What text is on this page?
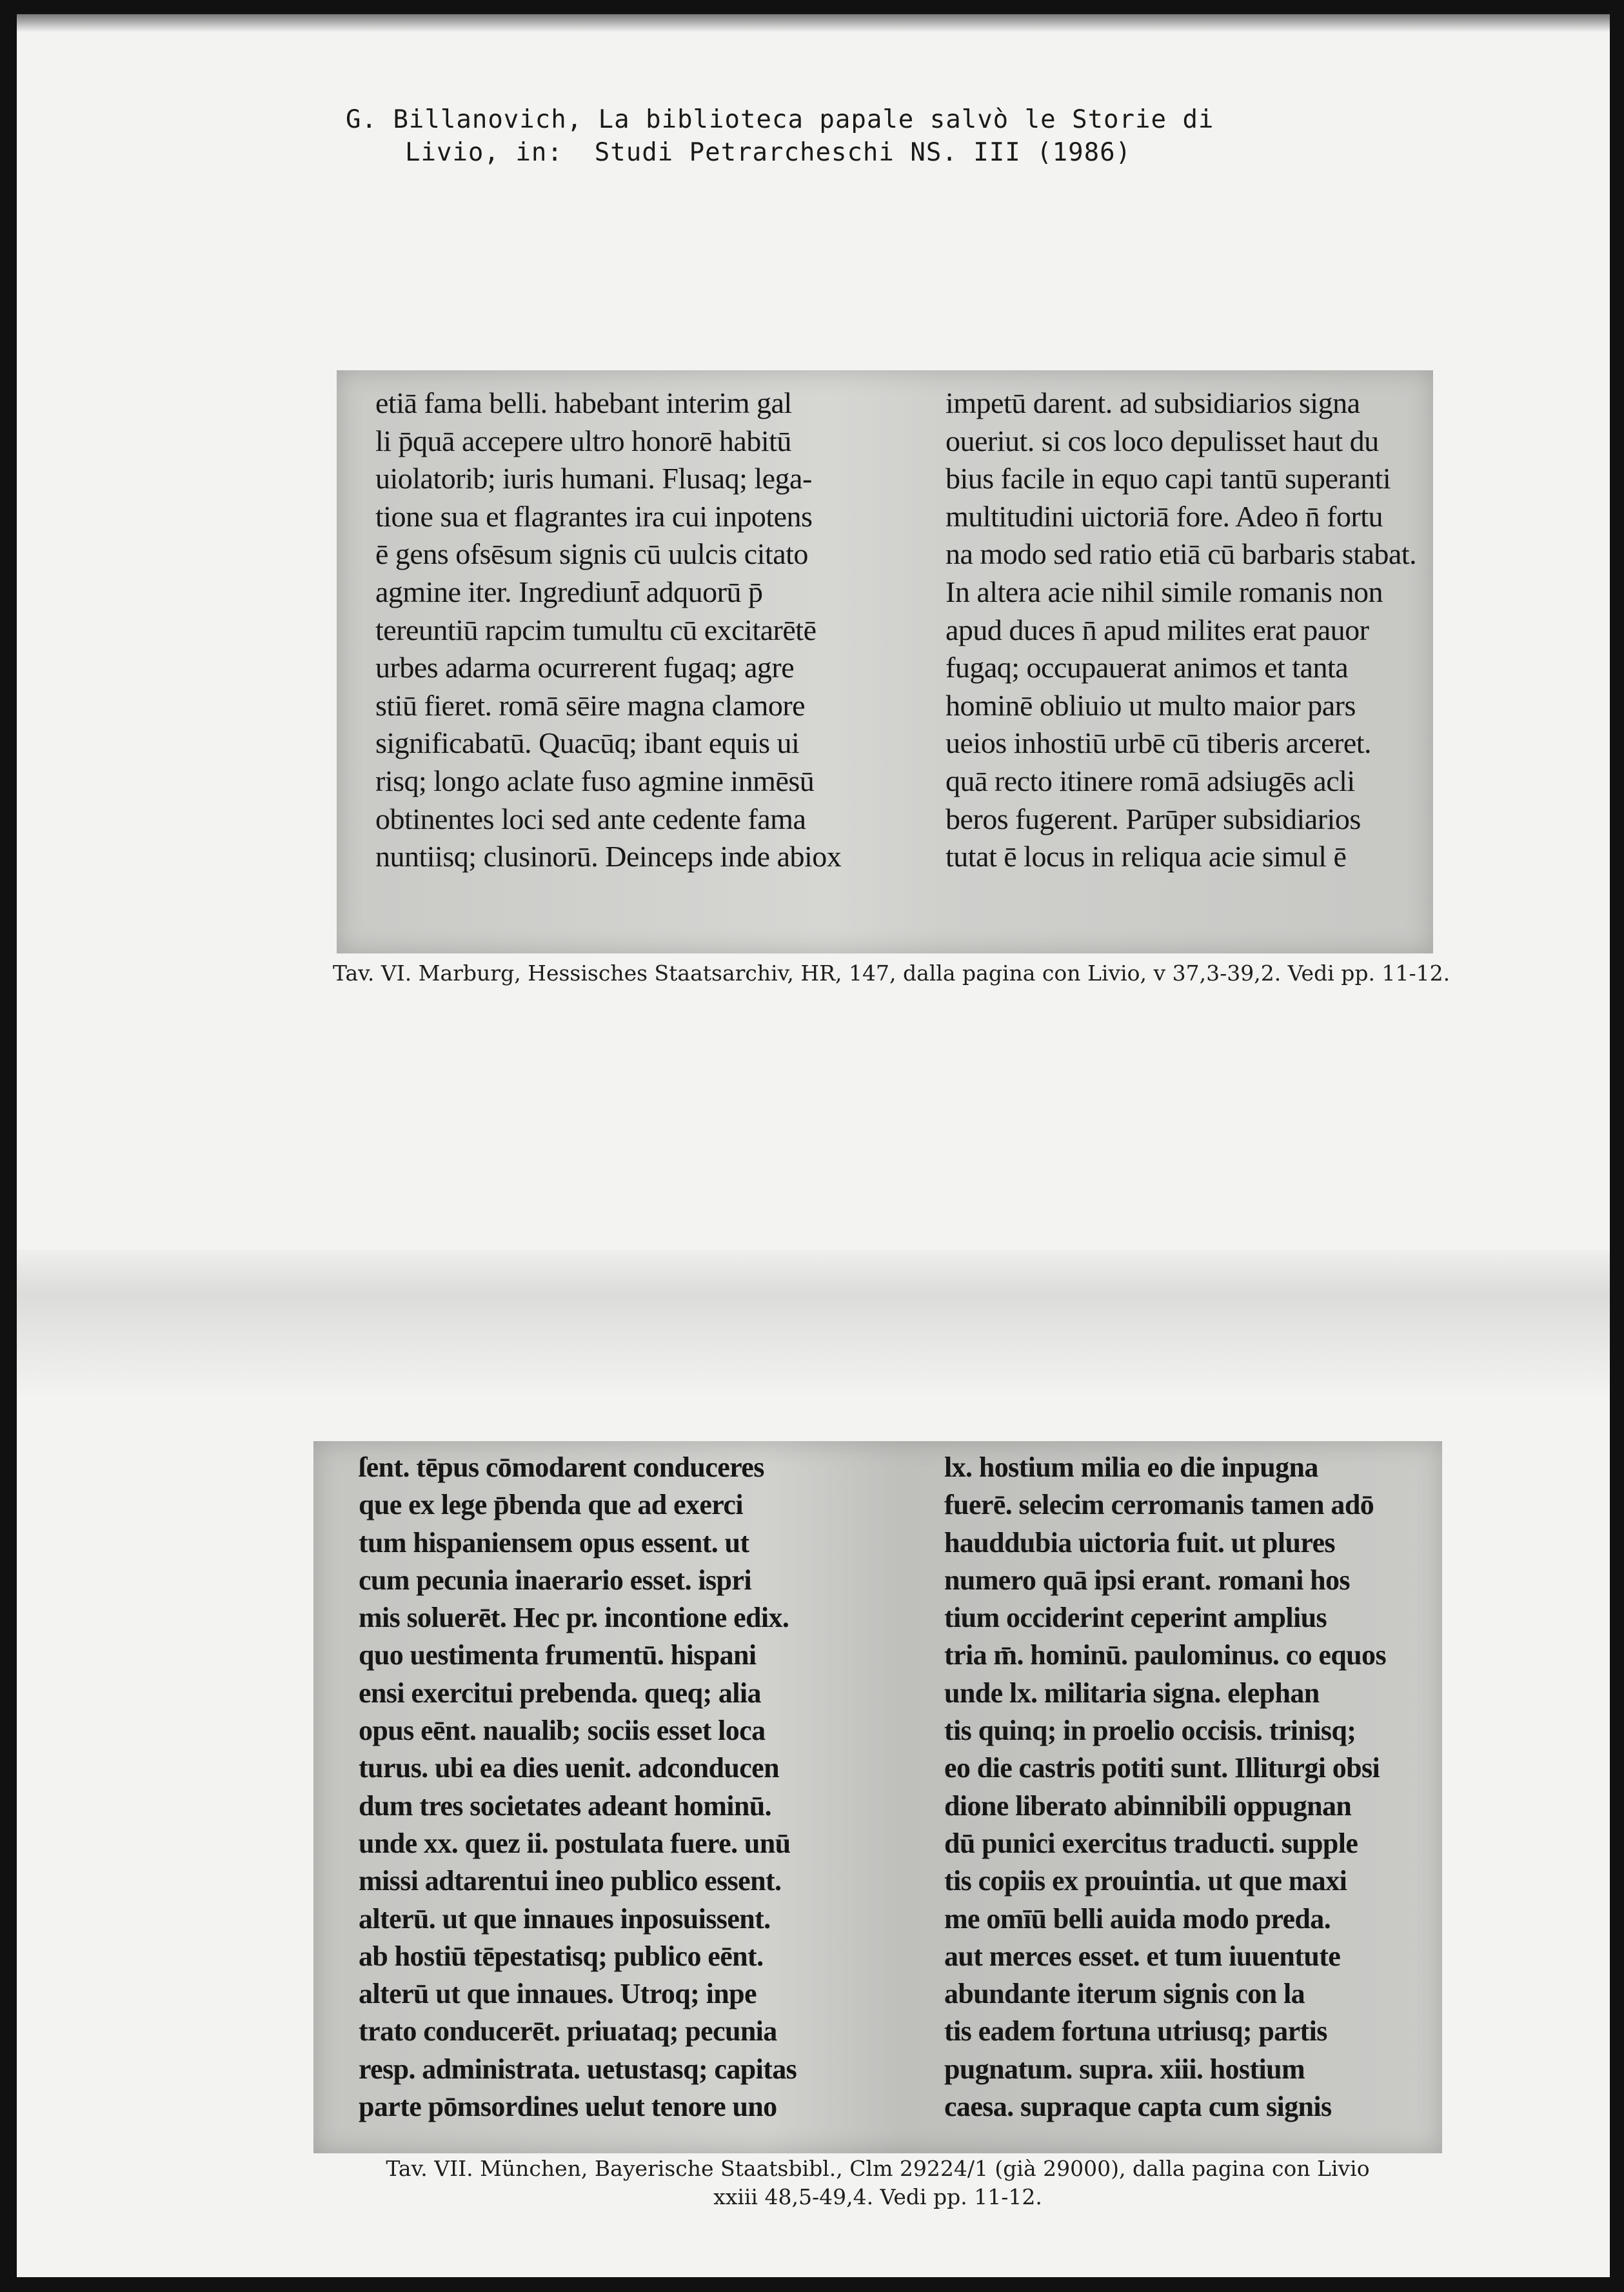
G. Billanovich, La biblioteca papale salvò le Storie di
Livio, in:  Studi Petrarcheschi NS. III (1986)
etiā fama belli. habebant interim gal
li p̄quā accepere ultro honorē habitū
uiolatorib; iuris humani. Flusaq; lega-
tione sua et flagrantes ira cui inpotens
ē gens ofsēsum signis cū uulcis citato
agmine iter. Ingrediunt̄ adquorū p̄
tereuntiū rapcim tumultu cū excitarētē
urbes adarma ocurrerent fugaq; agre
stiū fieret. romā sēire magna clamore
significabatū. Quacūq; ibant equis ui
risq; longo aclate fuso agmine inmēsū
obtinentes loci sed ante cedente fama
nuntiisq; clusinorū. Deinceps inde abiox
impetū darent. ad subsidiarios signa
oueriut. si cos loco depulisset haut du
bius facile in equo capi tantū superanti
multitudini uictoriā fore. Adeo n̄ fortu
na modo sed ratio etiā cū barbaris stabat.
In altera acie nihil simile romanis non
apud duces n̄ apud milites erat pauor
fugaq; occupauerat animos et tanta
hominē obliuio ut multo maior pars
ueios inhostiū urbē cū tiberis arceret.
quā recto itinere romā adsiugēs acli
beros fugerent. Parūper subsidiarios
tutat ē locus in reliqua acie simul ē
Tav. VI. Marburg, Hessisches Staatsarchiv, HR, 147, dalla pagina con Livio, v 37,3-39,2. Vedi pp. 11-12.
ſent. tēpus cōmodarent conduceres
que ex lege p̄benda que ad exerci
tum hispaniensem opus essent. ut
cum pecunia inaerario esset. ispri
mis soluerēt. Hec pr. incontione edix.
quo uestimenta frumentū. hispani
ensi exercitui prebenda. queq; alia
opus eēnt. naualib; sociis esset loca
turus. ubi ea dies uenit. adconducen
dum tres societates adeant hominū.
unde xx. quez ii. postulata fuere. unū
missi adtarentui ineo publico essent.
alterū. ut que innaues inposuissent.
ab hostiū tēpestatisq; publico eēnt.
alterū ut que innaues. Utroq; inpe
trato conducerēt. priuataq; pecunia
resp. administrata. uetustasq; capitas
parte pōmsordines uelut tenore uno
lx. hostium milia eo die inpugna
fuerē. selecim cerromanis tamen adō
hauddubia uictoria fuit. ut plures
numero quā ipsi erant. romani hos
tium occiderint ceperint amplius
tria m̄. hominū. paulominus. co equos
unde lx. militaria signa. elephan
tis quinq; in proelio occisis. trinisq;
eo die castris potiti sunt. Illiturgi obsi
dione liberato abinnibili oppugnan
dū punici exercitus traducti. supple
tis copiis ex prouintia. ut que maxi
me omīū belli auida modo preda.
aut merces esset. et tum iuuentute
abundante iterum signis con la
tis eadem fortuna utriusq; partis
pugnatum. supra. xiii. hostium
caesa. supraque capta cum signis
Tav. VII. München, Bayerische Staatsbibl., Clm 29224/1 (già 29000), dalla pagina con Livio
xxiii 48,5-49,4. Vedi pp. 11-12.
